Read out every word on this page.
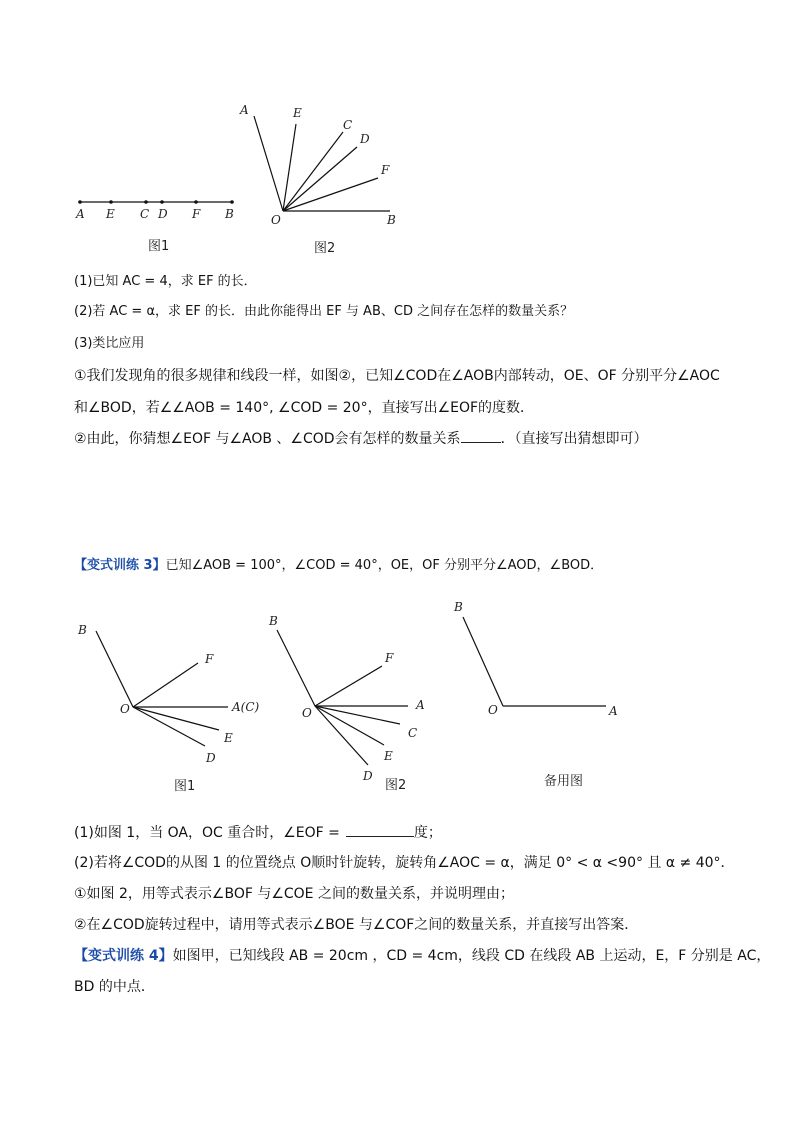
A E C D F B
图1
A	E
C
D
F
B
O
图2
(1)已知 AC = 4，求 EF 的长．
(2)若 AC = α，求 EF 的长．由此你能得出 EF 与 AB、CD 之间存在怎样的数量关系？
(3)类比应用
①我们发现角的很多规律和线段一样，如图②，已知∠COD在∠AOB内部转动，OE、OF 分别平分∠AOC
和∠BOD，若∠∠AOB = 140°, ∠COD = 20°，直接写出∠EOF的度数．
②由此，你猜想∠EOF 与∠AOB 、∠COD会有怎样的数量关系	．（直接写出猜想即可）
【变式训练 3】已知∠AOB = 100°，∠COD = 40°，OE，OF 分别平分∠AOD，∠BOD．
B
F
O	A(C)
E
D
图1
B
F
A
O
C
E
D
图2
B
O	A
备用图
(1)如图 1，当 OA，OC 重合时，∠EOF =	度；
(2)若将∠COD的从图 1 的位置绕点 O顺时针旋转，旋转角∠AOC = α，满足 0° < α <90° 且 α ≠ 40°．
①如图 2，用等式表示∠BOF 与∠COE 之间的数量关系，并说明理由；
②在∠COD旋转过程中，请用等式表示∠BOE 与∠COF之间的数量关系，并直接写出答案．
【变式训练 4】如图甲，已知线段 AB = 20cm ，CD = 4cm，线段 CD 在线段 AB 上运动，E，F 分别是 AC，
BD 的中点．
